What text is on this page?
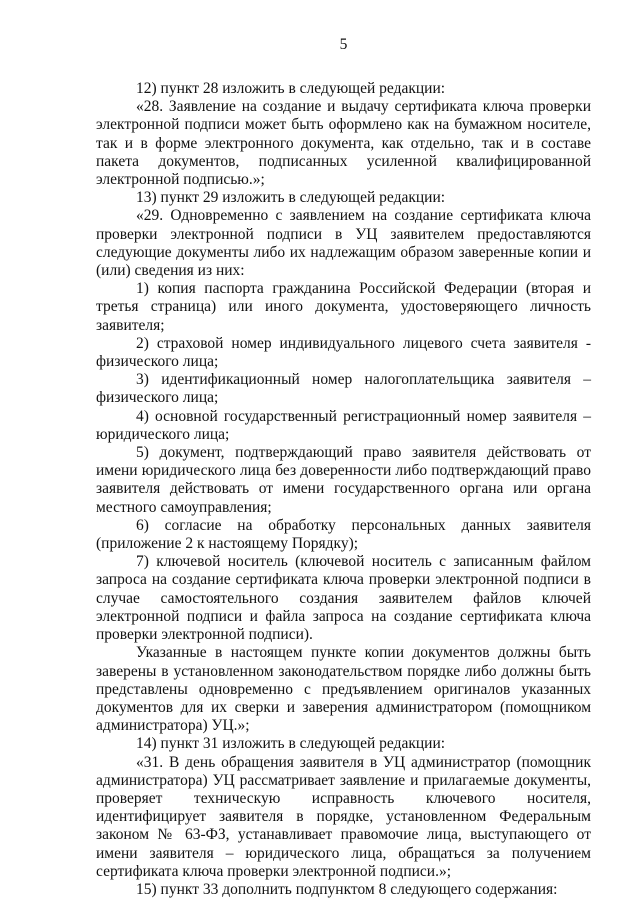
5

12) пункт 28 изложить в следующей редакции:

«28. Заявление на создание и выдачу сертификата ключа проверки электронной подписи может быть оформлено как на бумажном носителе, так и в форме электронного документа, как отдельно, так и в составе пакета документов, подписанных усиленной квалифицированной электронной подписью.»;

13) пункт 29 изложить в следующей редакции:

«29. Одновременно с заявлением на создание сертификата ключа проверки электронной подписи в УЦ заявителем предоставляются следующие документы либо их надлежащим образом заверенные копии и (или) сведения из них:

1) копия паспорта гражданина Российской Федерации (вторая и третья страница) или иного документа, удостоверяющего личность заявителя;

2) страховой номер индивидуального лицевого счета заявителя - физического лица;

3) идентификационный номер налогоплательщика заявителя – физического лица;

4) основной государственный регистрационный номер заявителя – юридического лица;

5) документ, подтверждающий право заявителя действовать от имени юридического лица без доверенности либо подтверждающий право заявителя действовать от имени государственного органа или органа местного самоуправления;

6) согласие на обработку персональных данных заявителя (приложение 2 к настоящему Порядку);

7) ключевой носитель (ключевой носитель с записанным файлом запроса на создание сертификата ключа проверки электронной подписи в случае самостоятельного создания заявителем файлов ключей электронной подписи и файла запроса на создание сертификата ключа проверки электронной подписи).

Указанные в настоящем пункте копии документов должны быть заверены в установленном законодательством порядке либо должны быть представлены одновременно с предъявлением оригиналов указанных документов для их сверки и заверения администратором (помощником администратора) УЦ.»;

14) пункт 31 изложить в следующей редакции:

«31. В день обращения заявителя в УЦ администратор (помощник администратора) УЦ рассматривает заявление и прилагаемые документы, проверяет техническую исправность ключевого носителя, идентифицирует заявителя в порядке, установленном Федеральным законом № 63-ФЗ, устанавливает правомочие лица, выступающего от имени заявителя – юридического лица, обращаться за получением сертификата ключа проверки электронной подписи.»;

15) пункт 33 дополнить подпунктом 8 следующего содержания:
